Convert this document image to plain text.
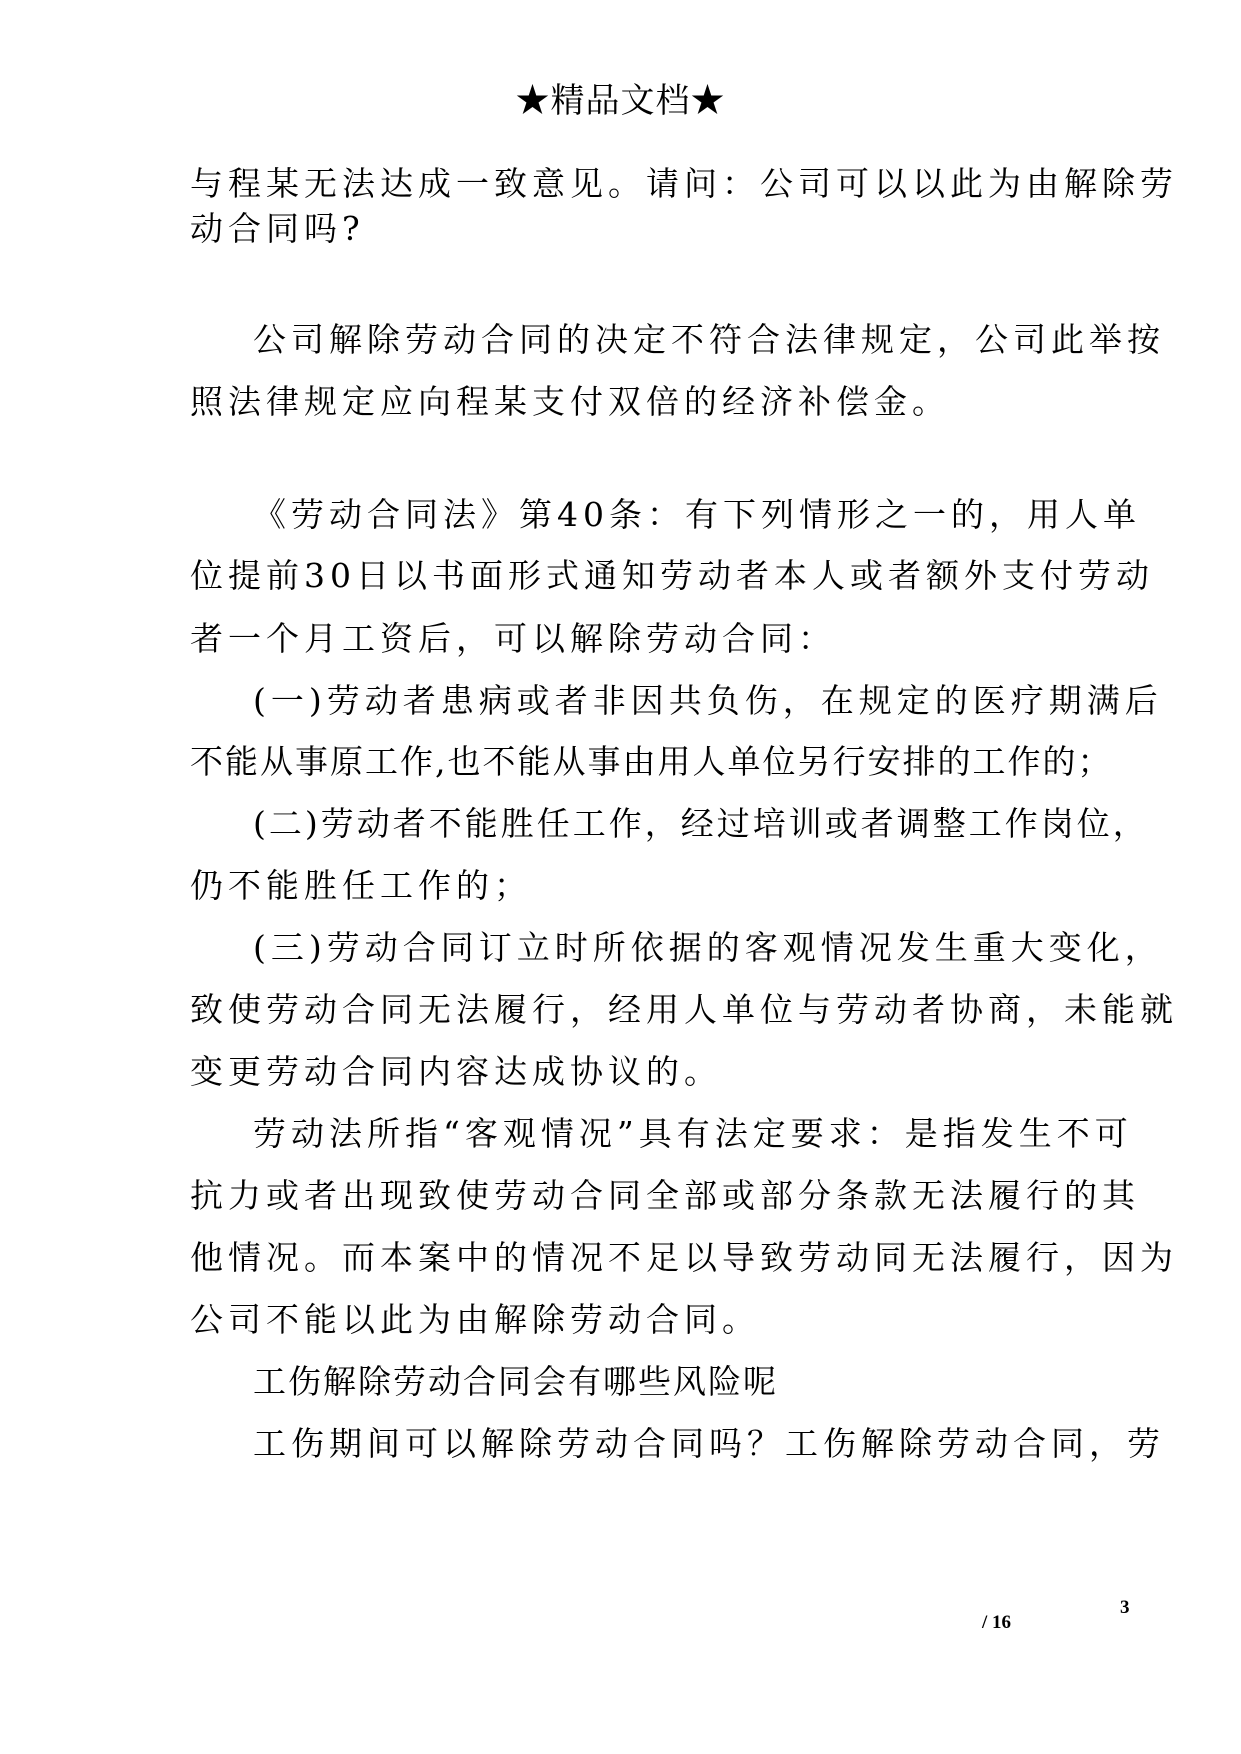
★精品文档★
与程某无法达成一致意见。请问：公司可以以此为由解除劳
动合同吗?
公司解除劳动合同的决定不符合法律规定，公司此举按
照法律规定应向程某支付双倍的经济补偿金。
《劳动合同法》第40条：有下列情形之一的，用人单
位提前30日以书面形式通知劳动者本人或者额外支付劳动
者一个月工资后，可以解除劳动合同：
(一)劳动者患病或者非因共负伤，在规定的医疗期满后
不能从事原工作,也不能从事由用人单位另行安排的工作的；
(二)劳动者不能胜任工作，经过培训或者调整工作岗位，
仍不能胜任工作的；
(三)劳动合同订立时所依据的客观情况发生重大变化，
致使劳动合同无法履行，经用人单位与劳动者协商，未能就
变更劳动合同内容达成协议的。
劳动法所指“客观情况”具有法定要求：是指发生不可
抗力或者出现致使劳动合同全部或部分条款无法履行的其
他情况。而本案中的情况不足以导致劳动同无法履行，因为
公司不能以此为由解除劳动合同。
工伤解除劳动合同会有哪些风险呢
工伤期间可以解除劳动合同吗？工伤解除劳动合同，劳
3
/ 16
